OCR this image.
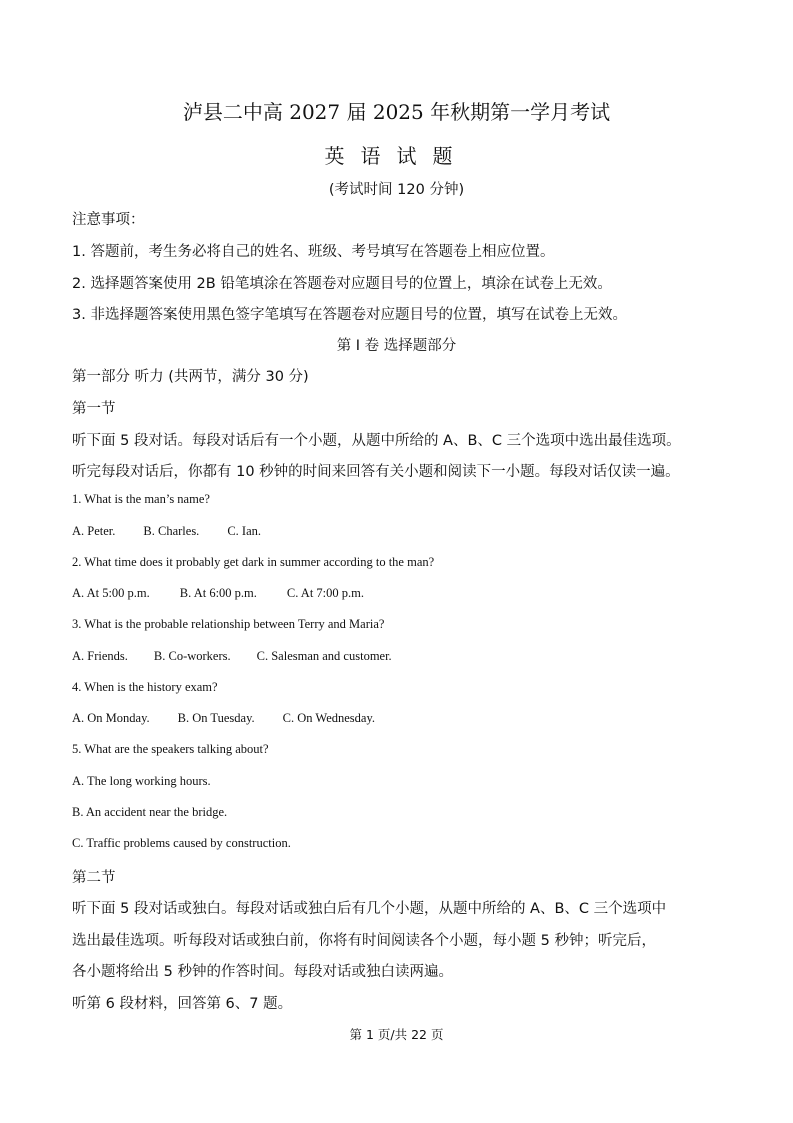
泸县二中高 2027 届 2025 年秋期第一学月考试
英语试题
(考试时间 120 分钟)
注意事项：
1. 答题前，考生务必将自己的姓名、班级、考号填写在答题卷上相应位置。
2. 选择题答案使用 2B 铅笔填涂在答题卷对应题目号的位置上，填涂在试卷上无效。
3. 非选择题答案使用黑色签字笔填写在答题卷对应题目号的位置，填写在试卷上无效。
第 I 卷 选择题部分
第一部分 听力 (共两节，满分 30 分)
第一节
听下面 5 段对话。每段对话后有一个小题，从题中所给的 A、B、C 三个选项中选出最佳选项。
听完每段对话后，你都有 10 秒钟的时间来回答有关小题和阅读下一小题。每段对话仅读一遍。
1. What is the man’s name?
A. Peter. B. Charles. C. Ian.
2. What time does it probably get dark in summer according to the man?
A. At 5:00 p.m. B. At 6:00 p.m. C. At 7:00 p.m.
3. What is the probable relationship between Terry and Maria?
A. Friends. B. Co-workers. C. Salesman and customer.
4. When is the history exam?
A. On Monday. B. On Tuesday. C. On Wednesday.
5. What are the speakers talking about?
A. The long working hours.
B. An accident near the bridge.
C. Traffic problems caused by construction.
第二节
听下面 5 段对话或独白。每段对话或独白后有几个小题，从题中所给的 A、B、C 三个选项中
选出最佳选项。听每段对话或独白前，你将有时间阅读各个小题，每小题 5 秒钟；听完后，
各小题将给出 5 秒钟的作答时间。每段对话或独白读两遍。
听第 6 段材料，回答第 6、7 题。
第 1 页/共 22 页
